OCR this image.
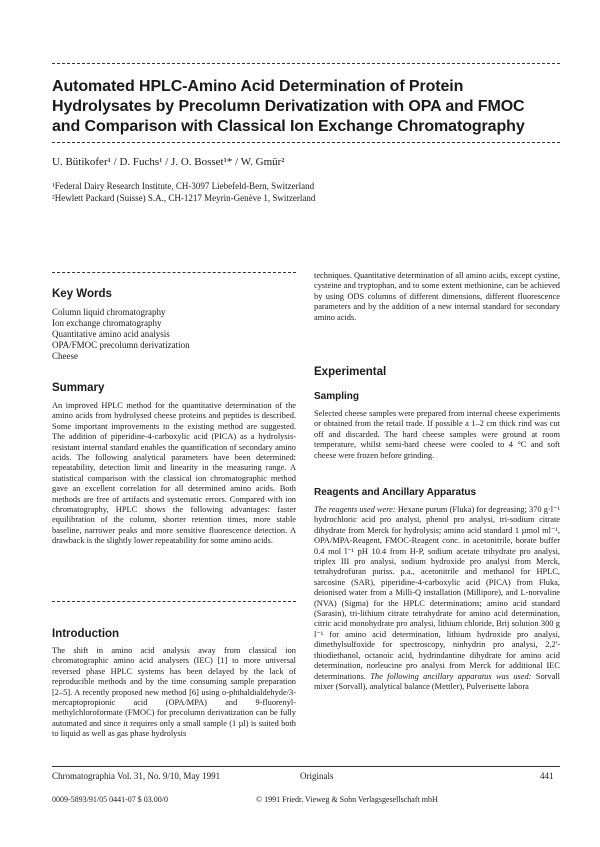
Automated HPLC-Amino Acid Determination of Protein
Hydrolysates by Precolumn Derivatization with OPA and FMOC
and Comparison with Classical Ion Exchange Chromatography
U. Bütikofer¹ / D. Fuchs¹ / J. O. Bosset¹* / W. Gmür²
¹Federal Dairy Research Institute, CH-3097 Liebefeld-Bern, Switzerland
²Hewlett Packard (Suisse) S.A., CH-1217 Meyrin-Genève 1, Switzerland
Key Words
Column liquid chromatography
Ion exchange chromatography
Quantitative amino acid analysis
OPA/FMOC precolumn derivatization
Cheese
Summary
An improved HPLC method for the quantitative determination of the amino acids from hydrolysed cheese proteins and peptides is described. Some important improvements to the existing method are suggested. The addition of piperidine-4-carboxylic acid (PICA) as a hydrolysis-resistant internal standard enables the quantification of secondary amino acids. The following analytical parameters have been determined: repeatability, detection limit and linearity in the measuring range. A statistical comparison with the classical ion chromatographic method gave an excellent correlation for all determined amino acids. Both methods are free of artifacts and systematic errors. Compared with ion chromatography, HPLC shows the following advantages: faster equilibration of the column, shorter retention times, more stable baseline, narrower peaks and more sensitive fluorescence detection. A drawback is the slightly lower repeatability for some amino acids.
Introduction
The shift in amino acid analysis away from classical ion chromatographic amino acid analysers (IEC) [1] to more universal reversed phase HPLC systems has been delayed by the lack of reproducible methods and by the time consuming sample preparation [2–5]. A recently proposed new method [6] using o-phthaldialdehyde/3-mercaptopropionic acid (OPA/MPA) and 9-fluorenyl-methylchloroformate (FMOC) for precolumn derivatization can be fully automated and since it requires only a small sample (1 µl) is suited both to liquid as well as gas phase hydrolysis
techniques. Quantitative determination of all amino acids, except cystine, cysteine and tryptophan, and to some extent methionine, can be achieved by using ODS columns of different dimensions, different fluorescence parameters and by the addition of a new internal standard for secondary amino acids.
Experimental
Sampling
Selected cheese samples were prepared from internal cheese experiments or obtained from the retail trade. If possible a 1–2 cm thick rind was cut off and discarded. The hard cheese samples were ground at room temperature, whilst semi-hard cheese were cooled to 4 °C and soft cheese were frozen before grinding.
Reagents and Ancillary Apparatus
The reagents used were: Hexane purum (Fluka) for degreasing; 370 g·l⁻¹ hydrochloric acid pro analysi, phenol pro analysi, tri-sodium citrate dihydrate from Merck for hydrolysis; amino acid standard 1 µmol ml⁻¹, OPA/MPA-Reagent, FMOC-Reagent conc. in acetonitrile, borate buffer 0.4 mol l⁻¹ pH 10.4 from H-P, sodium acetate trihydrate pro analysi, triplex III pro analysi, sodium hydroxide pro analysi from Merck, tetrahydrofuran puriss. p.a., acetonitrile and methanol for HPLC, sarcosine (SAR), piperidine-4-carboxylic acid (PICA) from Fluka, deionised water from a Milli-Q installation (Millipore), and L-norvaline (NVA) (Sigma) for the HPLC determinations; amino acid standard (Sarasin), tri-lithium citrate tetrahydrate for amino acid determination, citric acid monohydrate pro analysi, lithium chloride, Brij solution 300 g l⁻¹ for amino acid determination, lithium hydroxide pro analysi, dimethylsulfoxide for spectroscopy, ninhydrin pro analysi, 2,2'-thiodiethanol, octanoic acid, hydrindantine dihydrate for amino acid determination, norleucine pro analysi from Merck for additional IEC determinations. The following ancillary apparatus was used: Sorvall mixer (Sorvall), analytical balance (Mettler), Pulverisette labora
Chromatographia Vol. 31, No. 9/10, May 1991	Originals	441
0009-5893/91/05 0441-07 $ 03.00/0	© 1991 Friedr. Vieweg & Sohn Verlagsgesellschaft mbH
